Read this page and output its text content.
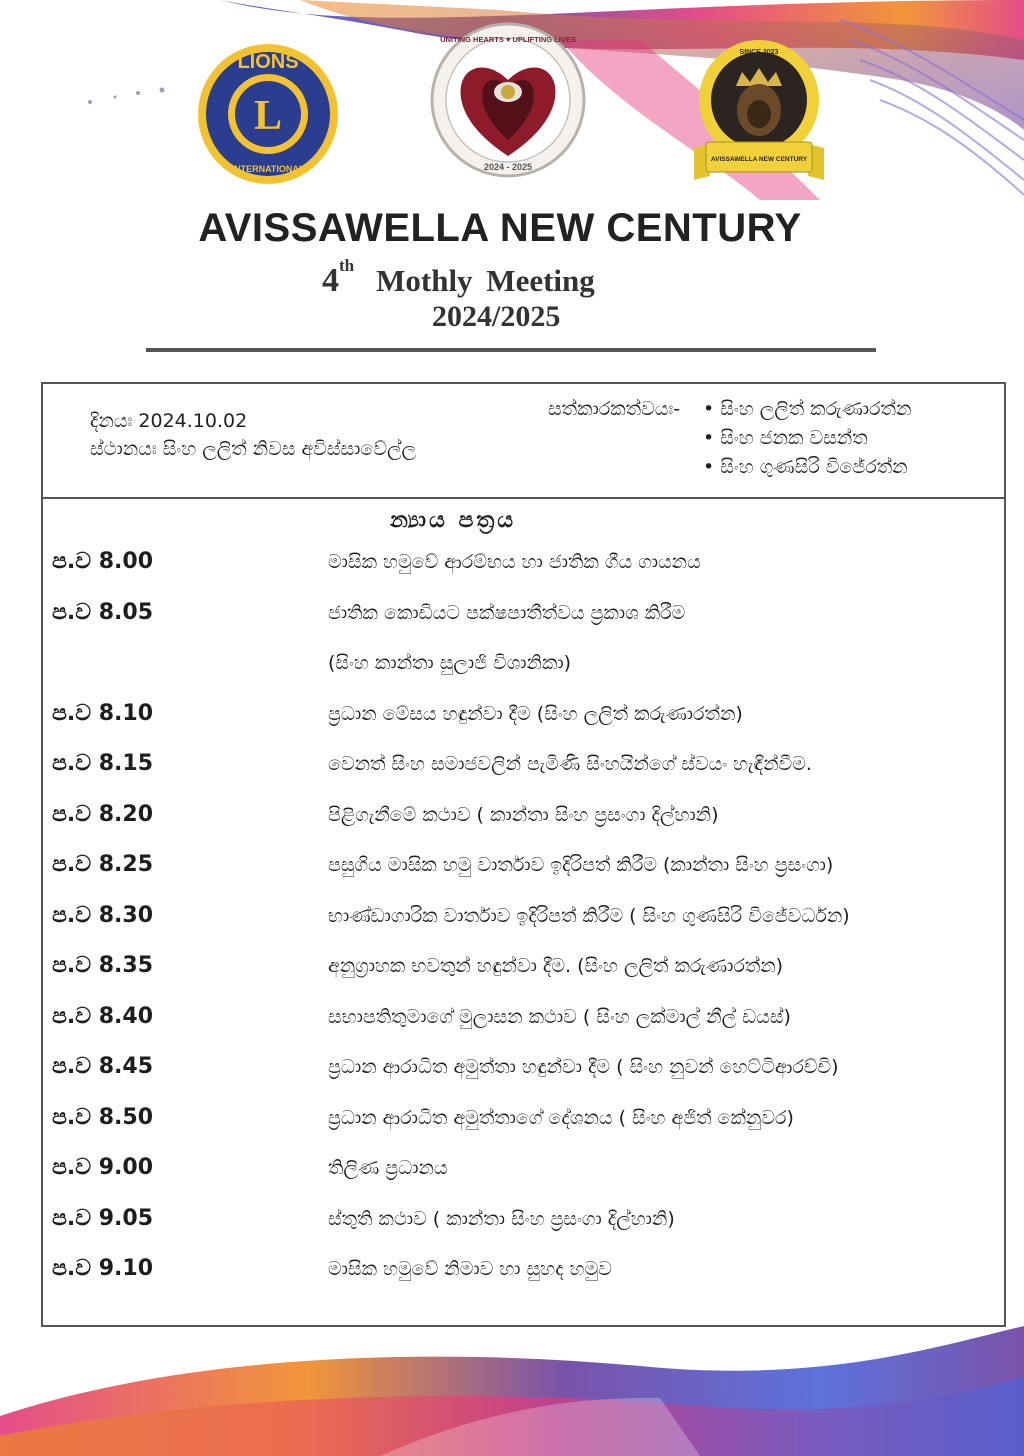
LIONS
L
INTERNATIONAL
UNITING HEARTS ♥ UPLIFTING LIVES
2024 - 2025
SINCE 2023
AVISSAWELLA NEW CENTURY
AVISSAWELLA NEW CENTURY
4th Mothly Meeting
2024/2025
දිනයඃ 2024.10.02
ස්ථානයඃ සිංහ ලලිත් නිවස අවිස්සාවේල්ල
සත්කාරකත්වයඃ-
•	සිංහ ලලිත් කරුණාරත්න
• සිංහ ජනක වසන්ත
• සිංහ ගුණසිරි විජේරත්න
න්‍යාය පත්‍රය
ප.ව 8.00	මාසික හමුවේ ආරම්භය හා ජාතික ගීය ගායනය
ප.ව 8.05	ජාතික කොඩියට පක්ෂපාතීත්වය ප්‍රකාශ කිරීම
(සිංහ කාන්තා සුලාජි විශානිකා)
ප.ව 8.10	ප්‍රධාන මේසය හඳුන්වා දීම (සිංහ ලලිත් කරුණාරත්න)
ප.ව 8.15	වෙනත් සිංහ සමාජවලින් පැමිණි සිංහයින්ගේ ස්වයං හැඳින්වීම.
ප.ව 8.20	පිළිගැනීමේ කථාව ( කාන්තා සිංහ ප්‍රසංගා දිල්හානි)
ප.ව 8.25	පසුගිය මාසික හමු වාර්තාව ඉදිරිපත් කිරීම (කාන්තා සිංහ ප්‍රසංගා)
ප.ව 8.30	භාණ්ඩාගාරික වාර්තාව ඉදිරිපත් කිරීම ( සිංහ ගුණසිරි විජේවර්ධන)
ප.ව 8.35	අනුග්‍රාහක භවතුන් හඳුන්වා දීම. (සිංහ ලලිත් කරුණාරත්න)
ප.ව 8.40	සභාපතිතුමාගේ මුලාසන කථාව ( සිංහ ලක්මාල් නීල් ඩයස්)
ප.ව 8.45	ප්‍රධාන ආරාධිත අමුත්තා හඳුන්වා දීම ( සිංහ නුවන් හෙට්ටිආරච්චි)
ප.ව 8.50	ප්‍රධාන ආරාධිත අමුත්තාගේ දේශනය ( සිංහ අජිත් කේනුවර)
ප.ව 9.00	තිලිණ ප්‍රධානය
ප.ව 9.05	ස්තුති කථාව ( කාන්තා සිංහ ප්‍රසංගා දිල්හානි)
ප.ව 9.10	මාසික හමුවේ නිමාව හා සුහද හමුව
